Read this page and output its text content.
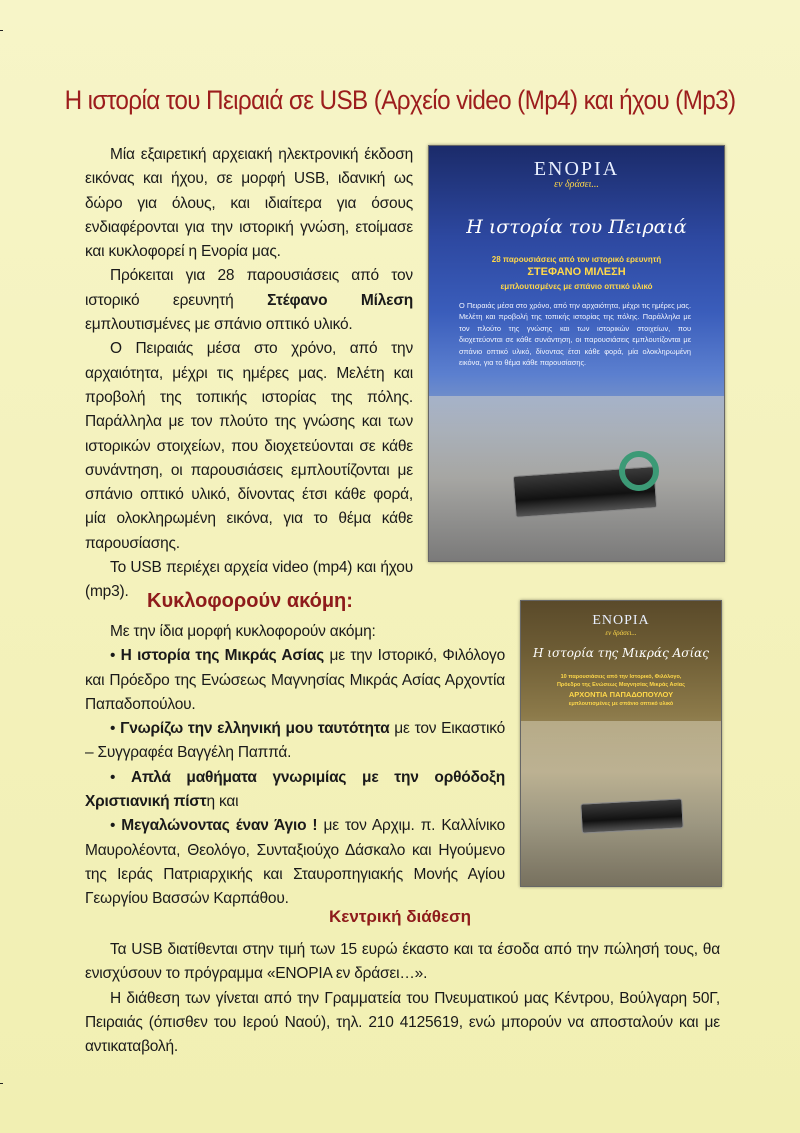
Η ιστορία του Πειραιά σε USB (Αρχείο video (Mp4) και ήχου (Mp3)

Μία εξαιρετική αρχειακή ηλεκτρονική έκδοση εικόνας και ήχου, σε μορφή USB, ιδανική ως δώρο για όλους, και ιδιαίτερα για όσους ενδιαφέρονται για την ιστορική γνώση, ετοίμασε και κυκλοφορεί η Ενορία μας.

Πρόκειται για 28 παρουσιάσεις από τον ιστορικό ερευνητή Στέφανο Μίλεση εμπλουτισμένες με σπάνιο οπτικό υλικό.

Ο Πειραιάς μέσα στο χρόνο, από την αρχαιότητα, μέχρι τις ημέρες μας. Μελέτη και προβολή της τοπικής ιστορίας της πόλης. Παράλληλα με τον πλούτο της γνώσης και των ιστορικών στοιχείων, που διοχετεύονται σε κάθε συνάντηση, οι παρουσιάσεις εμπλουτίζονται με σπάνιο οπτικό υλικό, δίνοντας έτσι κάθε φορά, μία ολοκληρωμένη εικόνα, για το θέμα κάθε παρουσίασης.

Το USB περιέχει αρχεία video (mp4) και ήχου (mp3).

ΕΝΟΡΙΑ
εν δράσει...
Η ιστορία του Πειραιά
28 παρουσιάσεις από τον ιστορικό ερευνητή
ΣΤΕΦΑΝΟ ΜΙΛΕΣΗ
εμπλουτισμένες με σπάνιο οπτικό υλικό
Ο Πειραιάς μέσα στο χρόνο, από την αρχαιότητα, μέχρι τις ημέρες μας. Μελέτη και προβολή της τοπικής ιστορίας της πόλης. Παράλληλα με τον πλούτο της γνώσης και των ιστορικών στοιχείων, που διοχετεύονται σε κάθε συνάντηση, οι παρουσιάσεις εμπλουτίζονται με σπάνιο οπτικό υλικό, δίνοντας έτσι κάθε φορά, μία ολοκληρωμένη εικόνα, για το θέμα κάθε παρουσίασης.
Κυκλοφορούν ακόμη:

Με την ίδια μορφή κυκλοφορούν ακόμη:

• Η ιστορία της Μικράς Ασίας με την Ιστορικό, Φιλόλογο και Πρόεδρο της Ενώσεως Μαγνησίας Μικράς Ασίας Αρχοντία Παπαδοπούλου.

• Γνωρίζω την ελληνική μου ταυτότητα με τον Εικαστικό – Συγγραφέα Βαγγέλη Παππά.

• Απλά μαθήματα γνωριμίας με την ορθόδοξη Χριστιανική πίστη και

• Μεγαλώνοντας έναν Άγιο ! με τον Αρχιμ. π. Καλλίνικο Μαυρολέοντα, Θεολόγο, Συνταξιούχο Δάσκαλο και Ηγούμενο της Ιεράς Πατριαρχικής και Σταυροπηγιακής Μονής Αγίου Γεωργίου Βασσών Καρπάθου.

ΕΝΟΡΙΑ
εν δράσει...
Η ιστορία της Μικράς Ασίας
10 παρουσιάσεις από την Ιστορικό, Φιλόλογο,
Πρόεδρο της Ενώσεως Μαγνησίας Μικράς Ασίας
ΑΡΧΟΝΤΙΑ ΠΑΠΑΔΟΠΟΥΛΟΥ
εμπλουτισμένες με σπάνιο οπτικό υλικό
Κεντρική διάθεση

Τα USB διατίθενται στην τιμή των 15 ευρώ έκαστο και τα έσοδα από την πώλησή τους, θα ενισχύσουν το πρόγραμμα «ΕΝΟΡΙΑ εν δράσει…».

Η διάθεση των γίνεται από την Γραμματεία του Πνευματικού μας Κέντρου, Βούλγαρη 50Γ, Πειραιάς (όπισθεν του Ιερού Ναού), τηλ. 210 4125619, ενώ μπορούν να αποσταλούν και με αντικαταβολή.
